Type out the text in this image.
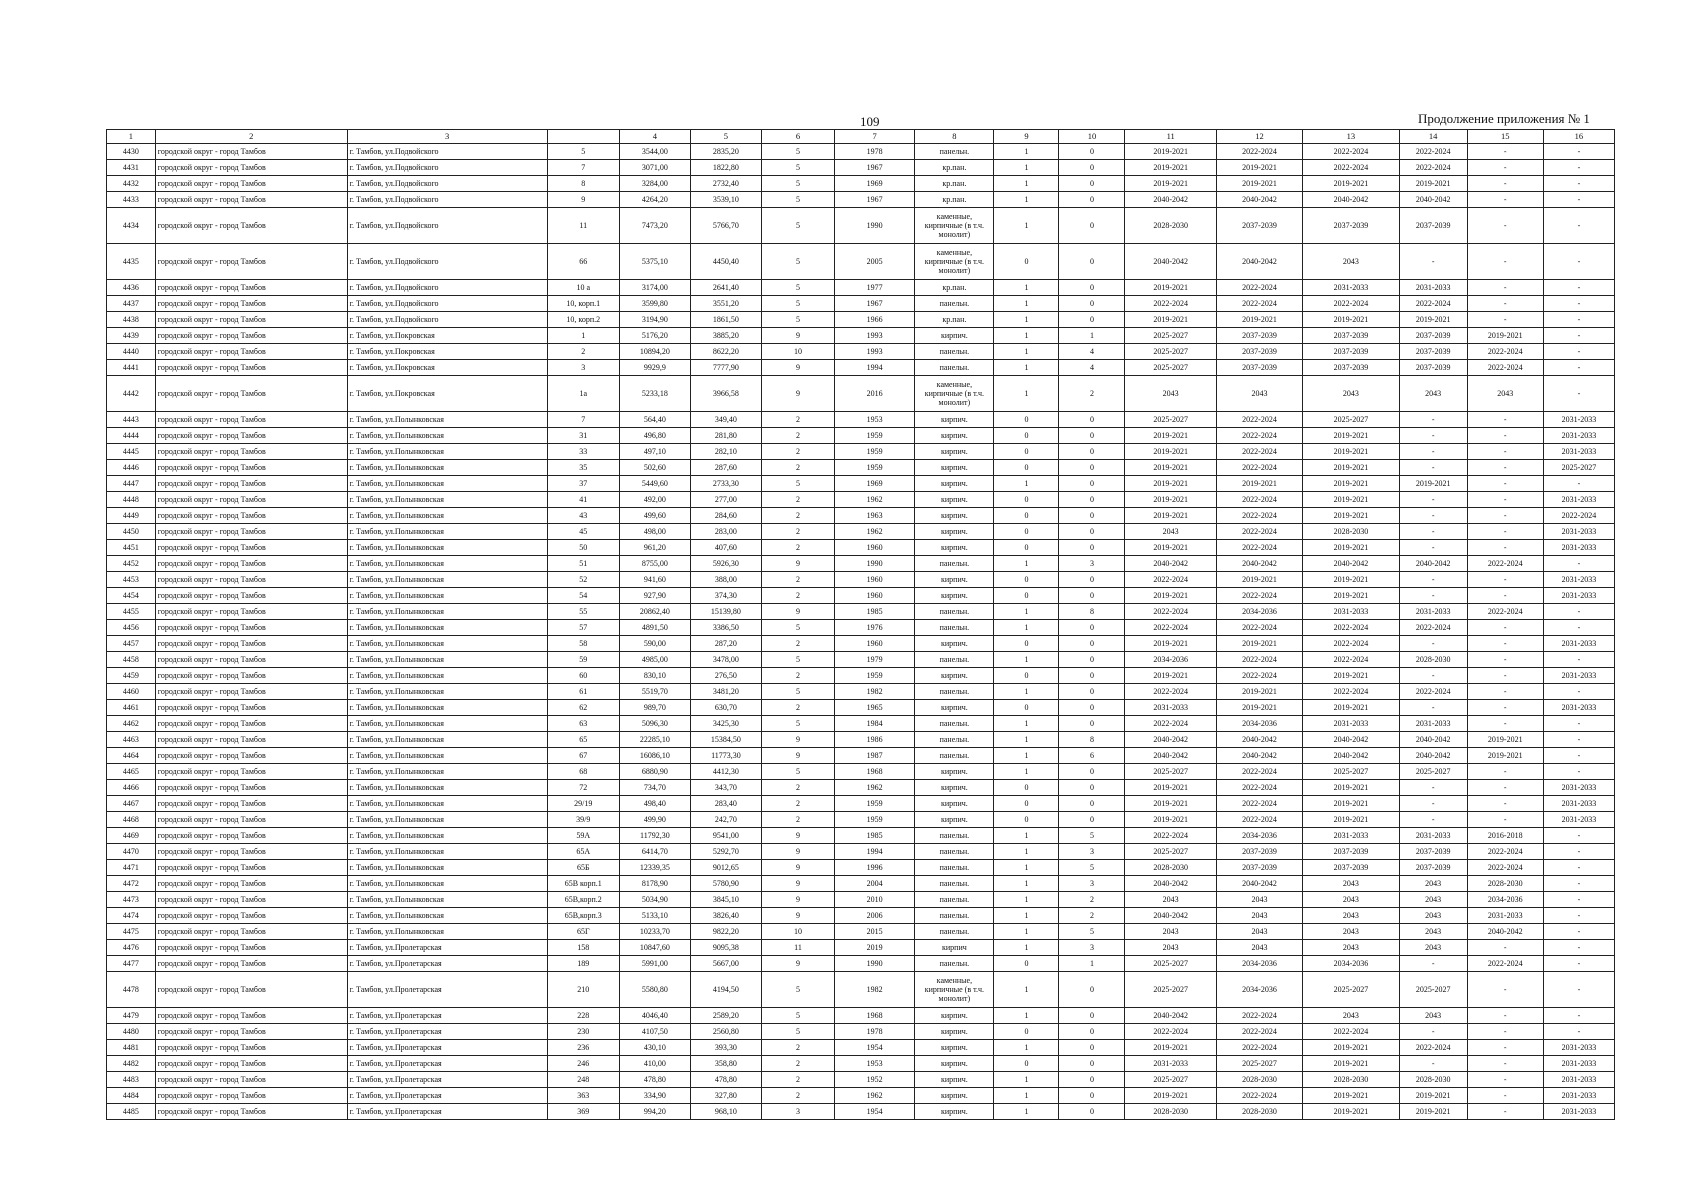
109	Продолжение приложения № 1
1	2	3		4	5	6	7	8	9	10	11	12	13	14	15	16
4430	городской округ - город Тамбов	г. Тамбов, ул.Подвойского	5	3544,00	2835,20	5	1978	панельн.	1	0	2019-2021	2022-2024	2022-2024	2022-2024	-	-
4431	городской округ - город Тамбов	г. Тамбов, ул.Подвойского	7	3071,00	1822,80	5	1967	кр.пан.	1	0	2019-2021	2019-2021	2022-2024	2022-2024	-	-
4432	городской округ - город Тамбов	г. Тамбов, ул.Подвойского	8	3284,00	2732,40	5	1969	кр.пан.	1	0	2019-2021	2019-2021	2019-2021	2019-2021	-	-
4433	городской округ - город Тамбов	г. Тамбов, ул.Подвойского	9	4264,20	3539,10	5	1967	кр.пан.	1	0	2040-2042	2040-2042	2040-2042	2040-2042	-	-
4434	городской округ - город Тамбов	г. Тамбов, ул.Подвойского	11	7473,20	5766,70	5	1990	каменные, кирпичные (в т.ч. монолит)	1	0	2028-2030	2037-2039	2037-2039	2037-2039	-	-
4435	городской округ - город Тамбов	г. Тамбов, ул.Подвойского	66	5375,10	4450,40	5	2005	каменные, кирпичные (в т.ч. монолит)	0	0	2040-2042	2040-2042	2043	-	-	-
4436	городской округ - город Тамбов	г. Тамбов, ул.Подвойского	10 а	3174,00	2641,40	5	1977	кр.пан.	1	0	2019-2021	2022-2024	2031-2033	2031-2033	-	-
4437	городской округ - город Тамбов	г. Тамбов, ул.Подвойского	10, корп.1	3599,80	3551,20	5	1967	панельн.	1	0	2022-2024	2022-2024	2022-2024	2022-2024	-	-
4438	городской округ - город Тамбов	г. Тамбов, ул.Подвойского	10, корп.2	3194,90	1861,50	5	1966	кр.пан.	1	0	2019-2021	2019-2021	2019-2021	2019-2021	-	-
4439	городской округ - город Тамбов	г. Тамбов, ул.Покровская	1	5176,20	3885,20	9	1993	кирпич.	1	1	2025-2027	2037-2039	2037-2039	2037-2039	2019-2021	-
4440	городской округ - город Тамбов	г. Тамбов, ул.Покровская	2	10894,20	8622,20	10	1993	панельн.	1	4	2025-2027	2037-2039	2037-2039	2037-2039	2022-2024	-
4441	городской округ - город Тамбов	г. Тамбов, ул.Покровская	3	9929,9	7777,90	9	1994	панельн.	1	4	2025-2027	2037-2039	2037-2039	2037-2039	2022-2024	-
4442	городской округ - город Тамбов	г. Тамбов, ул.Покровская	1а	5233,18	3966,58	9	2016	каменные, кирпичные (в т.ч. монолит)	1	2	2043	2043	2043	2043	2043	-
4443	городской округ - город Тамбов	г. Тамбов, ул.Полынковская	7	564,40	349,40	2	1953	кирпич.	0	0	2025-2027	2022-2024	2025-2027	-	-	2031-2033
4444	городской округ - город Тамбов	г. Тамбов, ул.Полынковская	31	496,80	281,80	2	1959	кирпич.	0	0	2019-2021	2022-2024	2019-2021	-	-	2031-2033
4445	городской округ - город Тамбов	г. Тамбов, ул.Полынковская	33	497,10	282,10	2	1959	кирпич.	0	0	2019-2021	2022-2024	2019-2021	-	-	2031-2033
4446	городской округ - город Тамбов	г. Тамбов, ул.Полынковская	35	502,60	287,60	2	1959	кирпич.	0	0	2019-2021	2022-2024	2019-2021	-	-	2025-2027
4447	городской округ - город Тамбов	г. Тамбов, ул.Полынковская	37	5449,60	2733,30	5	1969	кирпич.	1	0	2019-2021	2019-2021	2019-2021	2019-2021	-	-
4448	городской округ - город Тамбов	г. Тамбов, ул.Полынковская	41	492,00	277,00	2	1962	кирпич.	0	0	2019-2021	2022-2024	2019-2021	-	-	2031-2033
4449	городской округ - город Тамбов	г. Тамбов, ул.Полынковская	43	499,60	284,60	2	1963	кирпич.	0	0	2019-2021	2022-2024	2019-2021	-	-	2022-2024
4450	городской округ - город Тамбов	г. Тамбов, ул.Полынковская	45	498,00	283,00	2	1962	кирпич.	0	0	2043	2022-2024	2028-2030	-	-	2031-2033
4451	городской округ - город Тамбов	г. Тамбов, ул.Полынковская	50	961,20	407,60	2	1960	кирпич.	0	0	2019-2021	2022-2024	2019-2021	-	-	2031-2033
4452	городской округ - город Тамбов	г. Тамбов, ул.Полынковская	51	8755,00	5926,30	9	1990	панельн.	1	3	2040-2042	2040-2042	2040-2042	2040-2042	2022-2024	-
4453	городской округ - город Тамбов	г. Тамбов, ул.Полынковская	52	941,60	388,00	2	1960	кирпич.	0	0	2022-2024	2019-2021	2019-2021	-	-	2031-2033
4454	городской округ - город Тамбов	г. Тамбов, ул.Полынковская	54	927,90	374,30	2	1960	кирпич.	0	0	2019-2021	2022-2024	2019-2021	-	-	2031-2033
4455	городской округ - город Тамбов	г. Тамбов, ул.Полынковская	55	20862,40	15139,80	9	1985	панельн.	1	8	2022-2024	2034-2036	2031-2033	2031-2033	2022-2024	-
4456	городской округ - город Тамбов	г. Тамбов, ул.Полынковская	57	4891,50	3386,50	5	1976	панельн.	1	0	2022-2024	2022-2024	2022-2024	2022-2024	-	-
4457	городской округ - город Тамбов	г. Тамбов, ул.Полынковская	58	590,00	287,20	2	1960	кирпич.	0	0	2019-2021	2019-2021	2022-2024	-	-	2031-2033
4458	городской округ - город Тамбов	г. Тамбов, ул.Полынковская	59	4985,00	3478,00	5	1979	панельн.	1	0	2034-2036	2022-2024	2022-2024	2028-2030	-	-
4459	городской округ - город Тамбов	г. Тамбов, ул.Полынковская	60	830,10	276,50	2	1959	кирпич.	0	0	2019-2021	2022-2024	2019-2021	-	-	2031-2033
4460	городской округ - город Тамбов	г. Тамбов, ул.Полынковская	61	5519,70	3481,20	5	1982	панельн.	1	0	2022-2024	2019-2021	2022-2024	2022-2024	-	-
4461	городской округ - город Тамбов	г. Тамбов, ул.Полынковская	62	989,70	630,70	2	1965	кирпич.	0	0	2031-2033	2019-2021	2019-2021	-	-	2031-2033
4462	городской округ - город Тамбов	г. Тамбов, ул.Полынковская	63	5096,30	3425,30	5	1984	панельн.	1	0	2022-2024	2034-2036	2031-2033	2031-2033	-	-
4463	городской округ - город Тамбов	г. Тамбов, ул.Полынковская	65	22285,10	15384,50	9	1986	панельн.	1	8	2040-2042	2040-2042	2040-2042	2040-2042	2019-2021	-
4464	городской округ - город Тамбов	г. Тамбов, ул.Полынковская	67	16086,10	11773,30	9	1987	панельн.	1	6	2040-2042	2040-2042	2040-2042	2040-2042	2019-2021	-
4465	городской округ - город Тамбов	г. Тамбов, ул.Полынковская	68	6880,90	4412,30	5	1968	кирпич.	1	0	2025-2027	2022-2024	2025-2027	2025-2027	-	-
4466	городской округ - город Тамбов	г. Тамбов, ул.Полынковская	72	734,70	343,70	2	1962	кирпич.	0	0	2019-2021	2022-2024	2019-2021	-	-	2031-2033
4467	городской округ - город Тамбов	г. Тамбов, ул.Полынковская	29/19	498,40	283,40	2	1959	кирпич.	0	0	2019-2021	2022-2024	2019-2021	-	-	2031-2033
4468	городской округ - город Тамбов	г. Тамбов, ул.Полынковская	39/9	499,90	242,70	2	1959	кирпич.	0	0	2019-2021	2022-2024	2019-2021	-	-	2031-2033
4469	городской округ - город Тамбов	г. Тамбов, ул.Полынковская	59А	11792,30	9541,00	9	1985	панельн.	1	5	2022-2024	2034-2036	2031-2033	2031-2033	2016-2018	-
4470	городской округ - город Тамбов	г. Тамбов, ул.Полынковская	65А	6414,70	5292,70	9	1994	панельн.	1	3	2025-2027	2037-2039	2037-2039	2037-2039	2022-2024	-
4471	городской округ - город Тамбов	г. Тамбов, ул.Полынковская	65Б	12339,35	9012,65	9	1996	панельн.	1	5	2028-2030	2037-2039	2037-2039	2037-2039	2022-2024	-
4472	городской округ - город Тамбов	г. Тамбов, ул.Полынковская	65В корп.1	8178,90	5780,90	9	2004	панельн.	1	3	2040-2042	2040-2042	2043	2043	2028-2030	-
4473	городской округ - город Тамбов	г. Тамбов, ул.Полынковская	65В,корп.2	5034,90	3845,10	9	2010	панельн.	1	2	2043	2043	2043	2043	2034-2036	-
4474	городской округ - город Тамбов	г. Тамбов, ул.Полынковская	65В,корп.3	5133,10	3826,40	9	2006	панельн.	1	2	2040-2042	2043	2043	2043	2031-2033	-
4475	городской округ - город Тамбов	г. Тамбов, ул.Полынковская	65Г	10233,70	9822,20	10	2015	панельн.	1	5	2043	2043	2043	2043	2040-2042	-
4476	городской округ - город Тамбов	г. Тамбов, ул.Пролетарская	158	10847,60	9095,38	11	2019	кирпич	1	3	2043	2043	2043	2043	-	-
4477	городской округ - город Тамбов	г. Тамбов, ул.Пролетарская	189	5991,00	5667,00	9	1990	панельн.	0	1	2025-2027	2034-2036	2034-2036	-	2022-2024	-
4478	городской округ - город Тамбов	г. Тамбов, ул.Пролетарская	210	5580,80	4194,50	5	1982	каменные, кирпичные (в т.ч. монолит)	1	0	2025-2027	2034-2036	2025-2027	2025-2027	-	-
4479	городской округ - город Тамбов	г. Тамбов, ул.Пролетарская	228	4046,40	2589,20	5	1968	кирпич.	1	0	2040-2042	2022-2024	2043	2043	-	-
4480	городской округ - город Тамбов	г. Тамбов, ул.Пролетарская	230	4107,50	2560,80	5	1978	кирпич.	0	0	2022-2024	2022-2024	2022-2024	-	-	-
4481	городской округ - город Тамбов	г. Тамбов, ул.Пролетарская	236	430,10	393,30	2	1954	кирпич.	1	0	2019-2021	2022-2024	2019-2021	2022-2024	-	2031-2033
4482	городской округ - город Тамбов	г. Тамбов, ул.Пролетарская	246	410,00	358,80	2	1953	кирпич.	0	0	2031-2033	2025-2027	2019-2021	-	-	2031-2033
4483	городской округ - город Тамбов	г. Тамбов, ул.Пролетарская	248	478,80	478,80	2	1952	кирпич.	1	0	2025-2027	2028-2030	2028-2030	2028-2030	-	2031-2033
4484	городской округ - город Тамбов	г. Тамбов, ул.Пролетарская	363	334,90	327,80	2	1962	кирпич.	1	0	2019-2021	2022-2024	2019-2021	2019-2021	-	2031-2033
4485	городской округ - город Тамбов	г. Тамбов, ул.Пролетарская	369	994,20	968,10	3	1954	кирпич.	1	0	2028-2030	2028-2030	2019-2021	2019-2021	-	2031-2033
